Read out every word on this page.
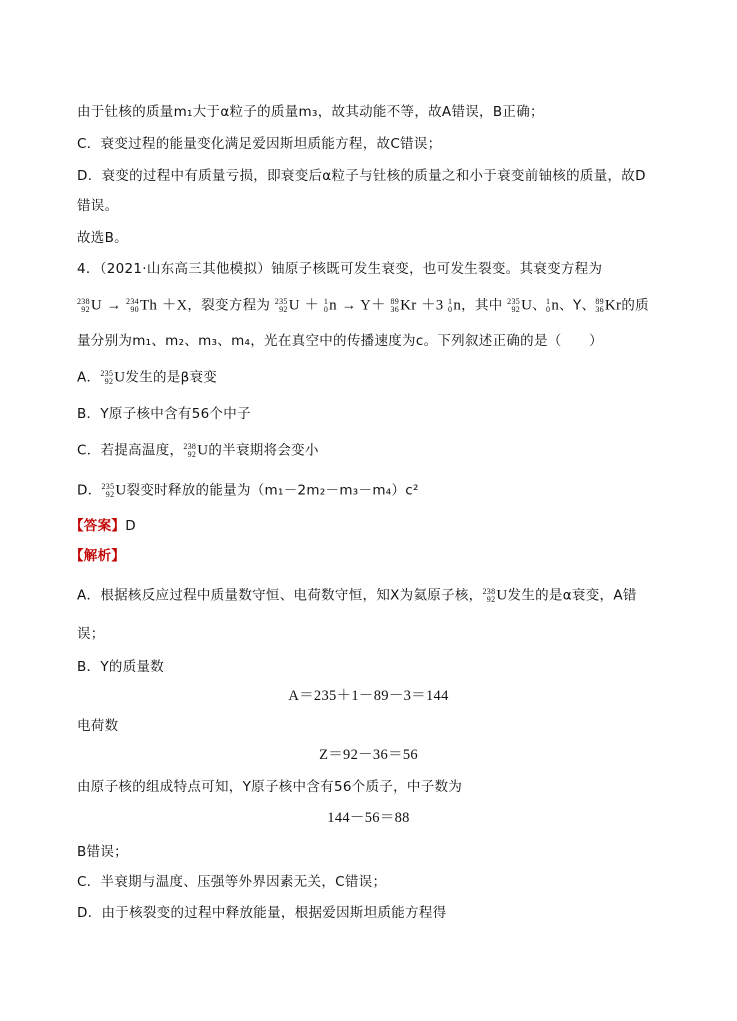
由于钍核的质量m₁大于α粒子的质量m₃，故其动能不等，故A错误，B正确；
C．衰变过程的能量变化满足爱因斯坦质能方程，故C错误；
D．衰变的过程中有质量亏损，即衰变后α粒子与钍核的质量之和小于衰变前铀核的质量，故D
错误。
故选B。
4．（2021·山东高三其他模拟）铀原子核既可发生衰变，也可发生裂变。其衰变方程为
238
92 U → 234
90 Th ＋X，裂变方程为 235
92 U ＋ 1
0 n → Y＋ 89
36 Kr ＋3 1
0 n，其中 235
92 U、 1
0 n、Y、 89
36 Kr的质
量分别为m₁、m₂、m₃、m₄，光在真空中的传播速度为c。下列叙述正确的是（　　）
A． 235
92 U发生的是β衰变
B．Y原子核中含有56个中子
C．若提高温度， 238
92 U的半衰期将会变小
D． 235
92 U裂变时释放的能量为（m₁－2m₂－m₃－m₄）c²
【答案】D
【解析】
A．根据核反应过程中质量数守恒、电荷数守恒，知X为氦原子核， 238
92 U发生的是α衰变，A错
误；
B．Y的质量数
A＝235＋1－89－3＝144
电荷数
Z＝92－36＝56
由原子核的组成特点可知，Y原子核中含有56个质子，中子数为
144－56＝88
B错误；
C．半衰期与温度、压强等外界因素无关，C错误；
D．由于核裂变的过程中释放能量，根据爱因斯坦质能方程得
